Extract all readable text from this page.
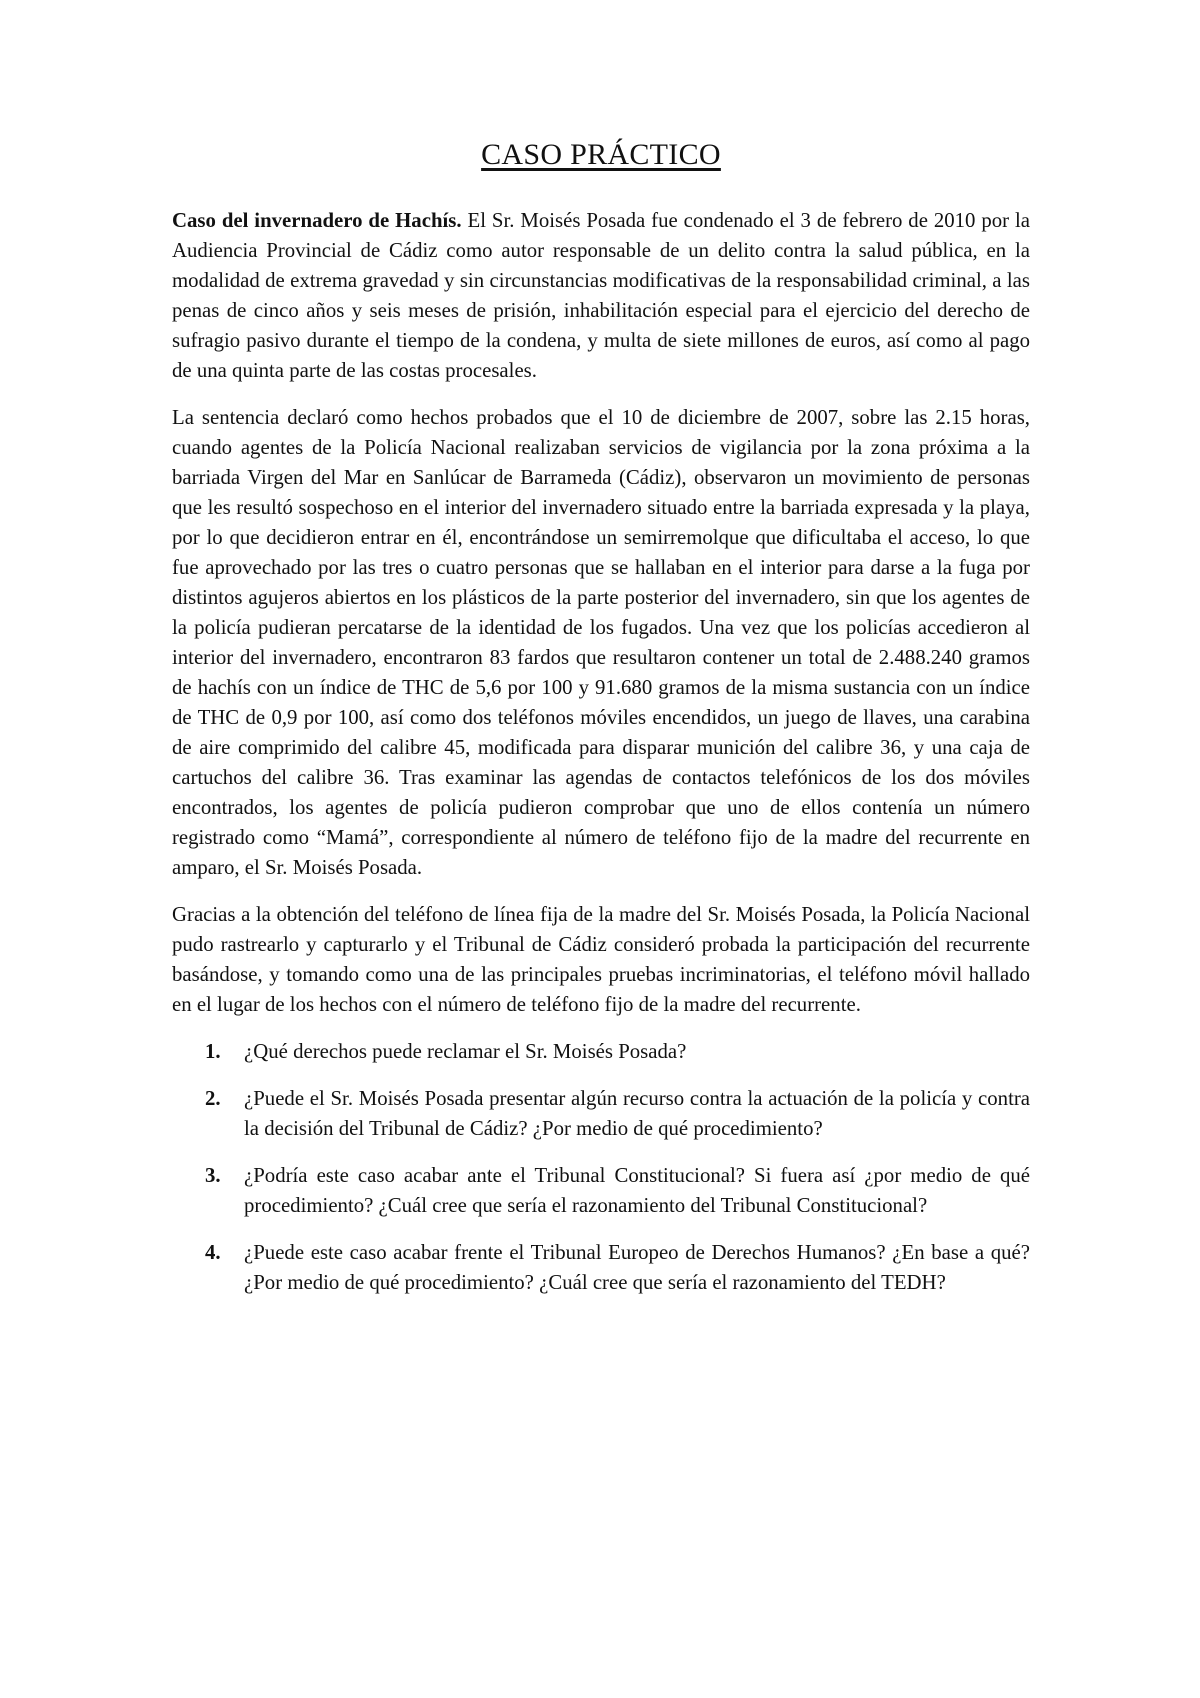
CASO PRÁCTICO

Caso del invernadero de Hachís. El Sr. Moisés Posada fue condenado el 3 de febrero de 2010 por la Audiencia Provincial de Cádiz como autor responsable de un delito contra la salud pública, en la modalidad de extrema gravedad y sin circunstancias modificativas de la responsabilidad criminal, a las penas de cinco años y seis meses de prisión, inhabilitación especial para el ejercicio del derecho de sufragio pasivo durante el tiempo de la condena, y multa de siete millones de euros, así como al pago de una quinta parte de las costas procesales.

La sentencia declaró como hechos probados que el 10 de diciembre de 2007, sobre las 2.15 horas, cuando agentes de la Policía Nacional realizaban servicios de vigilancia por la zona próxima a la barriada Virgen del Mar en Sanlúcar de Barrameda (Cádiz), observaron un movimiento de personas que les resultó sospechoso en el interior del invernadero situado entre la barriada expresada y la playa, por lo que decidieron entrar en él, encontrándose un semirremolque que dificultaba el acceso, lo que fue aprovechado por las tres o cuatro personas que se hallaban en el interior para darse a la fuga por distintos agujeros abiertos en los plásticos de la parte posterior del invernadero, sin que los agentes de la policía pudieran percatarse de la identidad de los fugados. Una vez que los policías accedieron al interior del invernadero, encontraron 83 fardos que resultaron contener un total de 2.488.240 gramos de hachís con un índice de THC de 5,6 por 100 y 91.680 gramos de la misma sustancia con un índice de THC de 0,9 por 100, así como dos teléfonos móviles encendidos, un juego de llaves, una carabina de aire comprimido del calibre 45, modificada para disparar munición del calibre 36, y una caja de cartuchos del calibre 36. Tras examinar las agendas de contactos telefónicos de los dos móviles encontrados, los agentes de policía pudieron comprobar que uno de ellos contenía un número registrado como “Mamá”, correspondiente al número de teléfono fijo de la madre del recurrente en amparo, el Sr. Moisés Posada.

Gracias a la obtención del teléfono de línea fija de la madre del Sr. Moisés Posada, la Policía Nacional pudo rastrearlo y capturarlo y el Tribunal de Cádiz consideró probada la participación del recurrente basándose, y tomando como una de las principales pruebas incriminatorias, el teléfono móvil hallado en el lugar de los hechos con el número de teléfono fijo de la madre del recurrente.

1. ¿Qué derechos puede reclamar el Sr. Moisés Posada?
2. ¿Puede el Sr. Moisés Posada presentar algún recurso contra la actuación de la policía y contra la decisión del Tribunal de Cádiz? ¿Por medio de qué procedimiento?
3. ¿Podría este caso acabar ante el Tribunal Constitucional? Si fuera así ¿por medio de qué procedimiento? ¿Cuál cree que sería el razonamiento del Tribunal Constitucional?
4. ¿Puede este caso acabar frente el Tribunal Europeo de Derechos Humanos? ¿En base a qué? ¿Por medio de qué procedimiento? ¿Cuál cree que sería el razonamiento del TEDH?
